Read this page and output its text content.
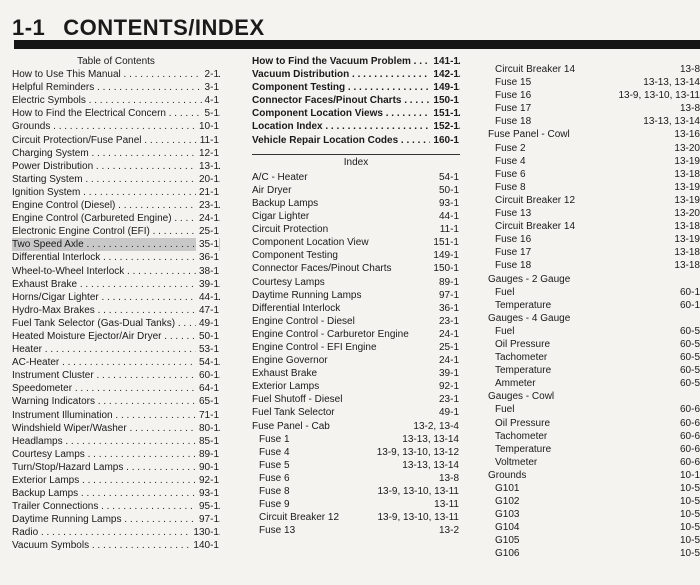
1-1 CONTENTS/INDEX
Table of Contents
How to Use This Manual . . .	2-1
Helpful Reminders . . .	3-1
Electric Symbols . . .	4-1
How to Find the Electrical Concern . . .	5-1
Grounds . . .	10-1
Circuit Protection/Fuse Panel . . .	11-1
Charging System . . .	12-1
Power Distribution . . .	13-1
Starting System . . .	20-1
Ignition System . . .	21-1
Engine Control (Diesel) . . .	23-1
Engine Control (Carbureted Engine) . . .	24-1
Electronic Engine Control (EFI) . . .	25-1
Two Speed Axle . . .	35-1
Differential Interlock . . .	36-1
Wheel-to-Wheel Interlock . . .	38-1
Exhaust Brake . . .	39-1
Horns/Cigar Lighter . . .	44-1
Hydro-Max Brakes . . .	47-1
Fuel Tank Selector (Gas-Dual Tanks) . . .	49-1
Heated Moisture Ejector/Air Dryer . . .	50-1
Heater . . .	53-1
AC-Heater . . .	54-1
Instrument Cluster . . .	60-1
Speedometer . . .	64-1
Warning Indicators . . .	65-1
Instrument Illumination . . .	71-1
Windshield Wiper/Washer . . .	80-1
Headlamps . . .	85-1
Courtesy Lamps . . .	89-1
Turn/Stop/Hazard Lamps . . .	90-1
Exterior Lamps . . .	92-1
Backup Lamps . . .	93-1
Trailer Connections . . .	95-1
Daytime Running Lamps . . .	97-1
Radio . . .	130-1
Vacuum Symbols . . .	140-1
How to Find the Vacuum Problem . . .	141-1
Vacuum Distribution . . .	142-1
Component Testing . . .	149-1
Connector Faces/Pinout Charts . . .	150-1
Component Location Views . . .	151-1
Location Index . . .	152-1
Vehicle Repair Location Codes . . .	160-1
Index
A/C - Heater	54-1
Air Dryer	50-1
Backup Lamps	93-1
Cigar Lighter	44-1
Circuit Protection	11-1
Component Location View	151-1
Component Testing	149-1
Connector Faces/Pinout Charts	150-1
Courtesy Lamps	89-1
Daytime Running Lamps	97-1
Differential Interlock	36-1
Engine Control - Diesel	23-1
Engine Control - Carburetor Engine	24-1
Engine Control - EFI Engine	25-1
Engine Governor	24-1
Exhaust Brake	39-1
Exterior Lamps	92-1
Fuel Shutoff - Diesel	23-1
Fuel Tank Selector	49-1
Fuse Panel - Cab	13-2, 13-4
Fuse 1	13-13, 13-14
Fuse 4	13-9, 13-10, 13-12
Fuse 5	13-13, 13-14
Fuse 6	13-8
Fuse 8	13-9, 13-10, 13-11
Fuse 9	13-11
Circuit Breaker 12	13-9, 13-10, 13-11
Fuse 13	13-2
Circuit Breaker 14	13-8
Fuse 15	13-13, 13-14
Fuse 16	13-9, 13-10, 13-11
Fuse 17	13-8
Fuse 18	13-13, 13-14
Fuse Panel - Cowl	13-16
Fuse 2	13-20
Fuse 4	13-19
Fuse 6	13-18
Fuse 8	13-19
Circuit Breaker 12	13-19
Fuse 13	13-20
Circuit Breaker 14	13-18
Fuse 16	13-19
Fuse 17	13-18
Fuse 18	13-18
Gauges - 2 Gauge
Fuel	60-1
Temperature	60-1
Gauges - 4 Gauge
Fuel	60-5
Oil Pressure	60-5
Tachometer	60-5
Temperature	60-5
Ammeter	60-5
Gauges - Cowl
Fuel	60-6
Oil Pressure	60-6
Tachometer	60-6
Temperature	60-6
Voltmeter	60-6
Grounds	10-1
G101	10-5
G102	10-5
G103	10-5
G104	10-5
G105	10-5
G106	10-5
